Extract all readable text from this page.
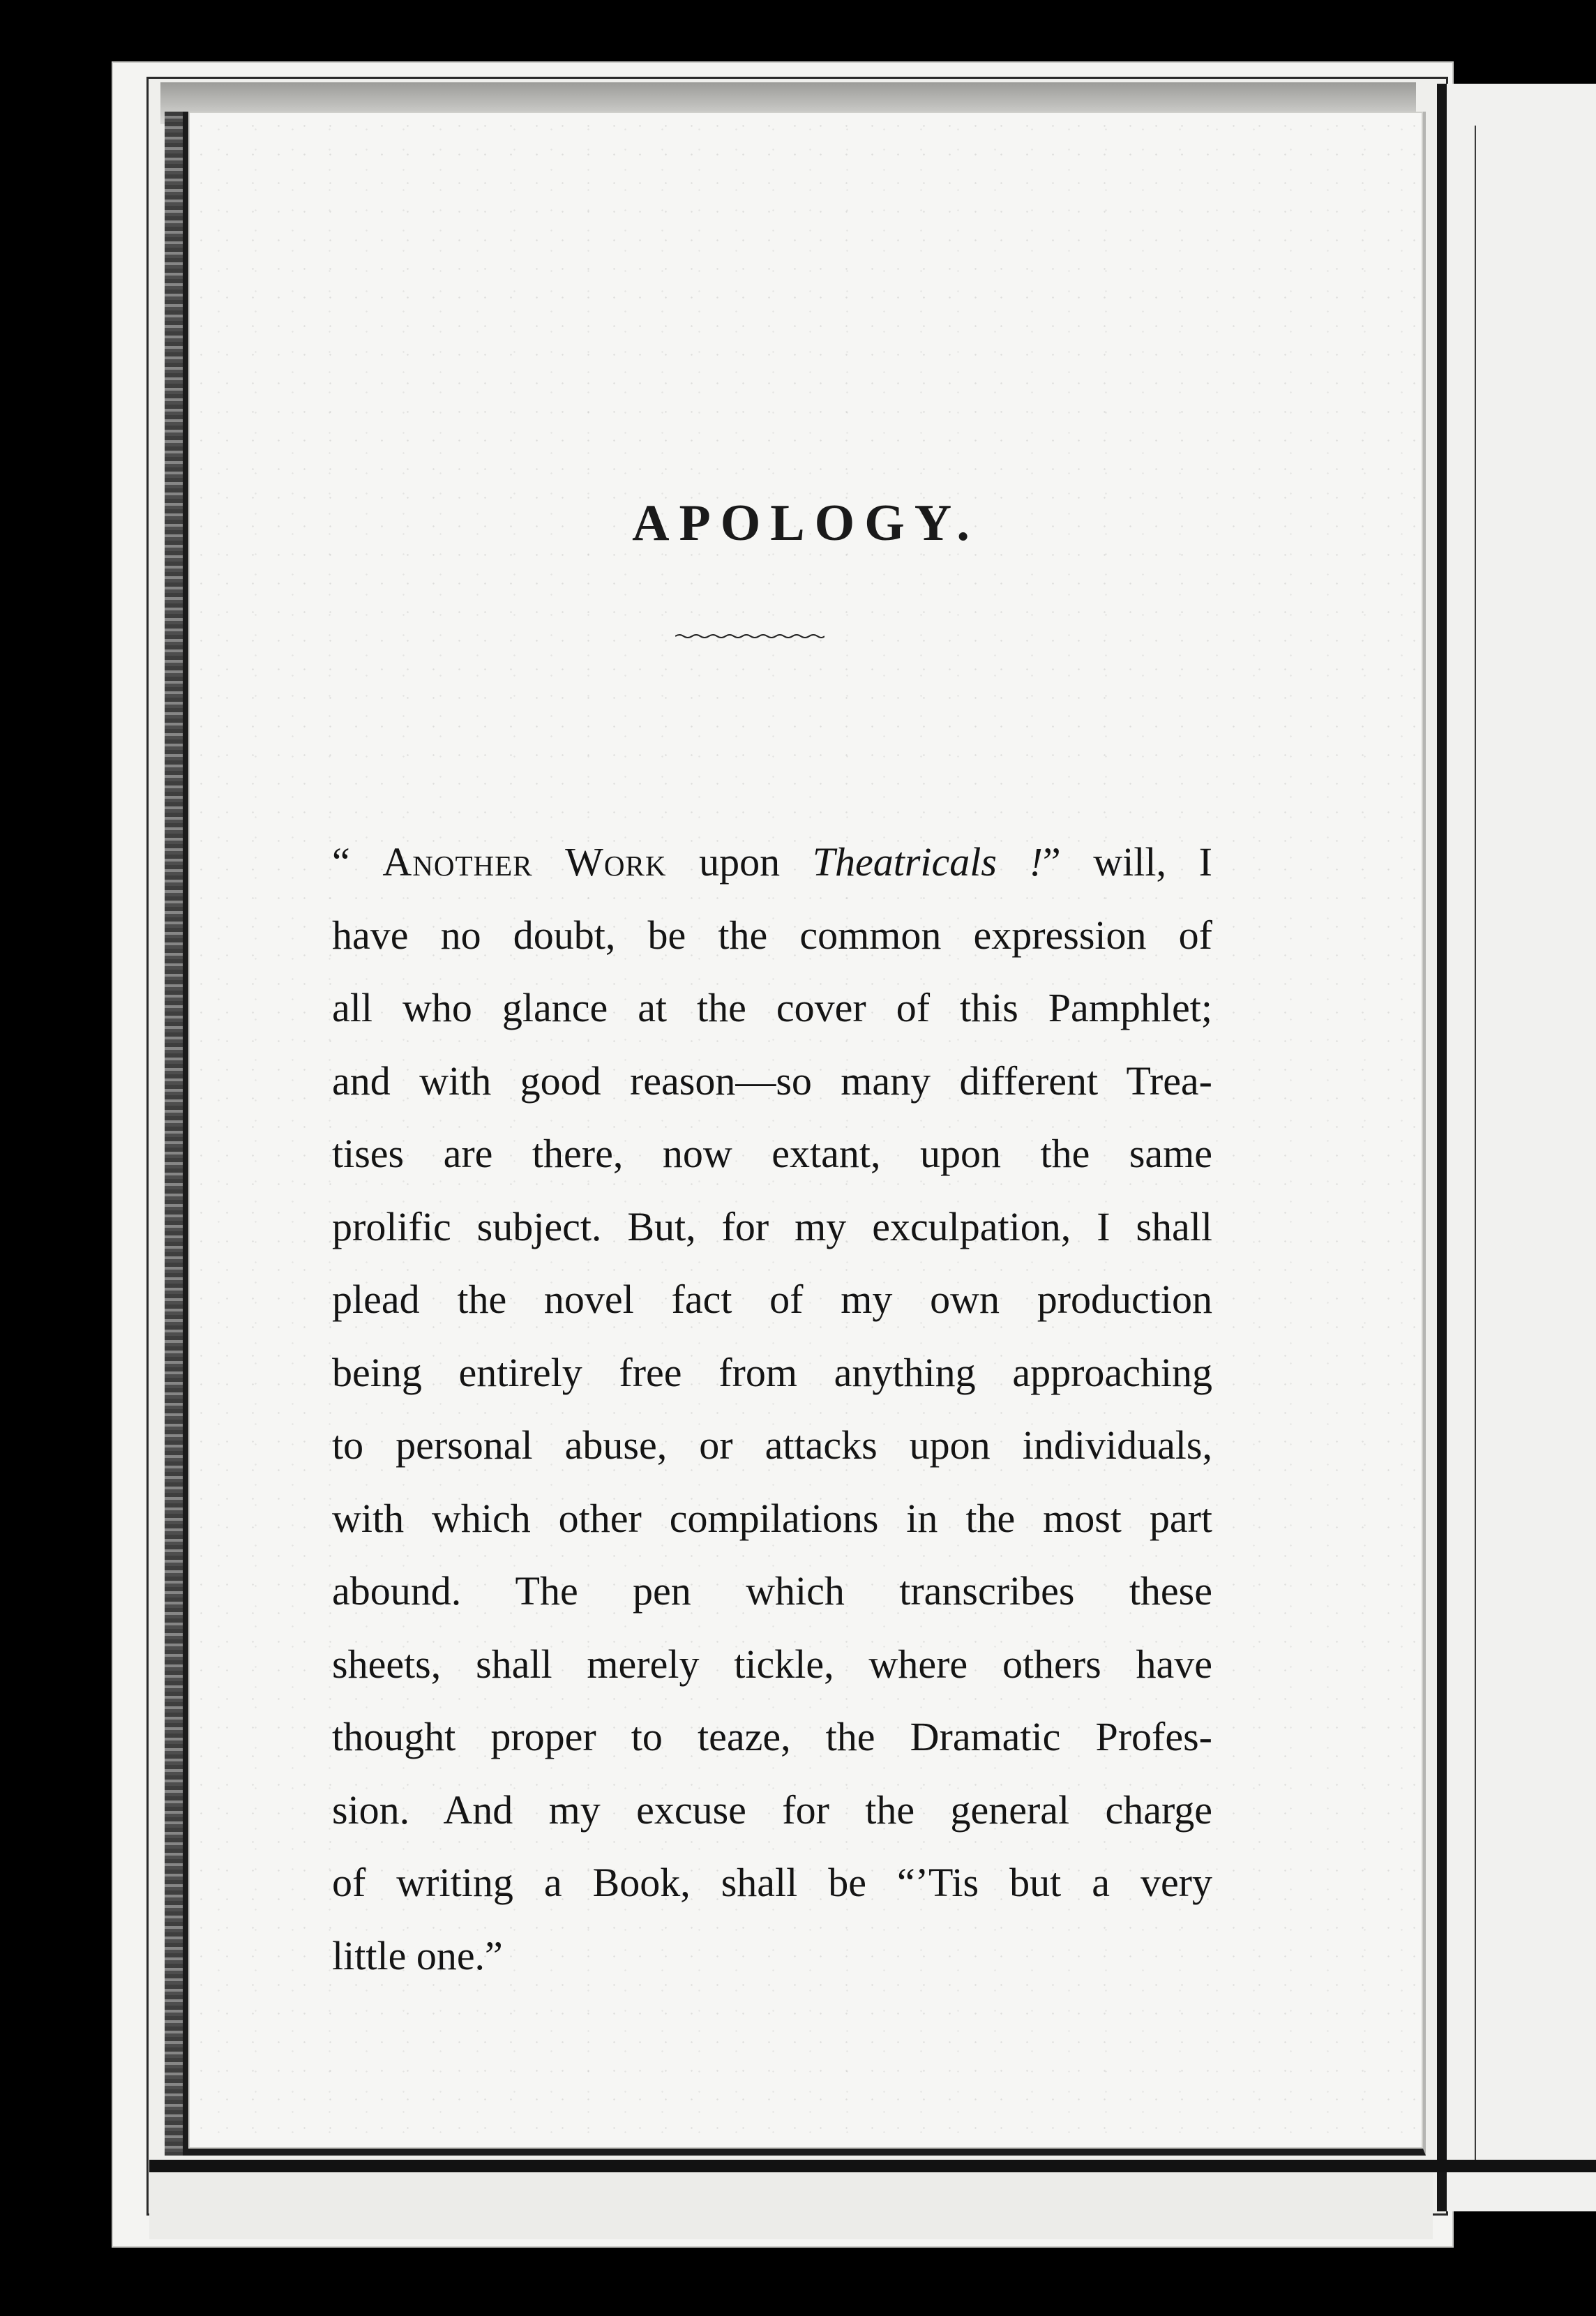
APOLOGY.
“ Another Work upon Theatricals !” will, I
have no doubt, be the common expression of
all who glance at the cover of this Pamphlet;
and with good reason—so many different Trea-
tises are there, now extant, upon the same
prolific subject. But, for my exculpation, I shall
plead the novel fact of my own production
being entirely free from anything approaching
to personal abuse, or attacks upon individuals,
with which other compilations in the most part
abound. The pen which transcribes these
sheets, shall merely tickle, where others have
thought proper to teaze, the Dramatic Profes-
sion. And my excuse for the general charge
of writing a Book, shall be “’Tis but a very
little one.”
